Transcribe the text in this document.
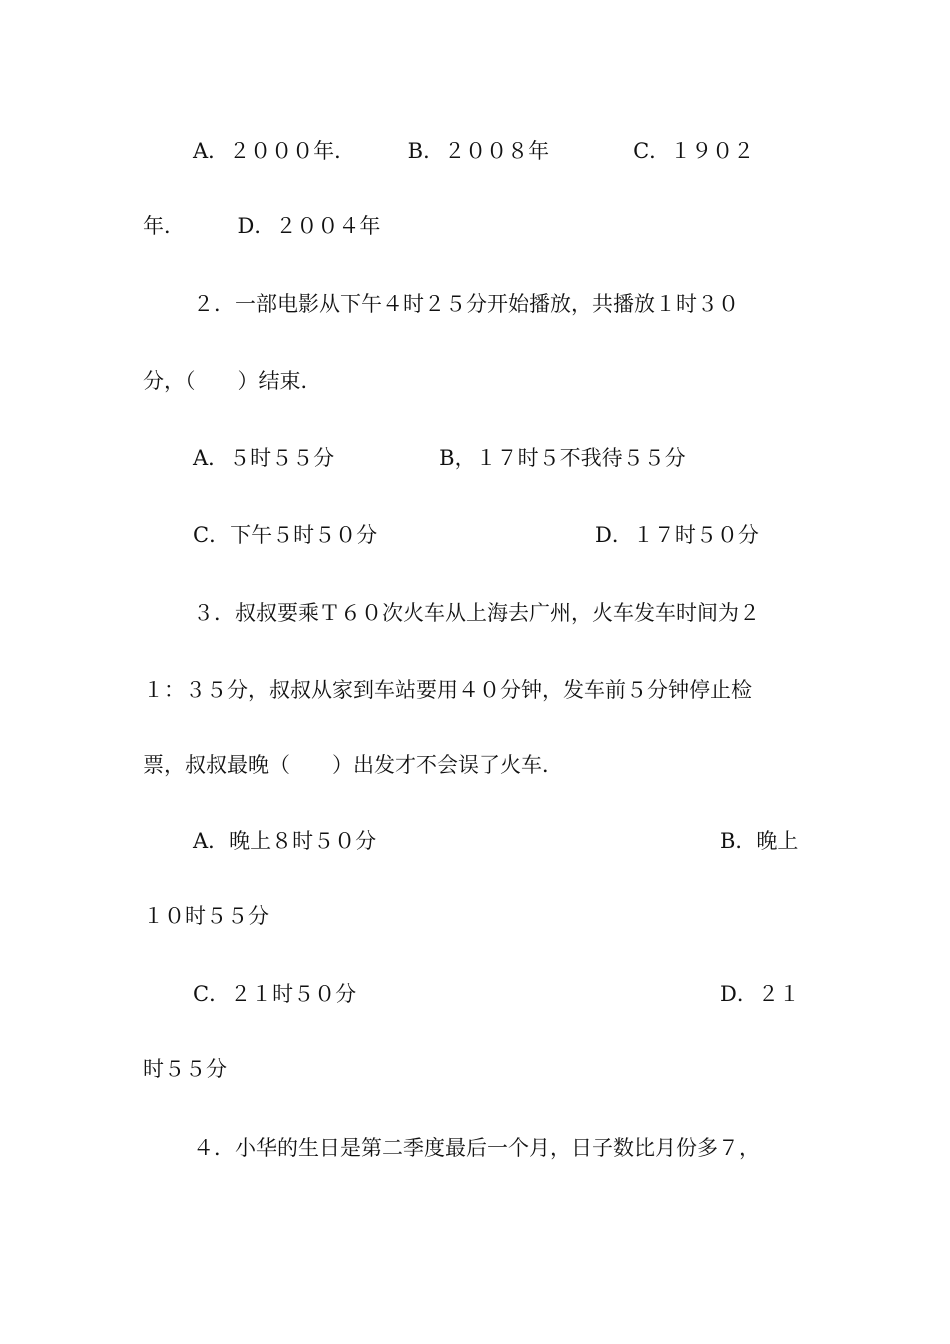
A．２０００年．　　　B．２００８年　　　　C．１９０２

年．　　　D．２００４年

２．一部电影从下午４时２５分开始播放，共播放１时３０

分，（　　）结束．

A．５时５５分　　　　　B，１７时５不我待５５分

C．下午５时５０分	D．１７时５０分

３．叔叔要乘Ｔ６０次火车从上海去广州，火车发车时间为２

１：３５分，叔叔从家到车站要用４０分钟，发车前５分钟停止检

票，叔叔最晚（　　）出发才不会误了火车．

A．晚上８时５０分	B．晚上

１０时５５分

C．２１时５０分	D．２１

时５５分

４．小华的生日是第二季度最后一个月，日子数比月份多７，
